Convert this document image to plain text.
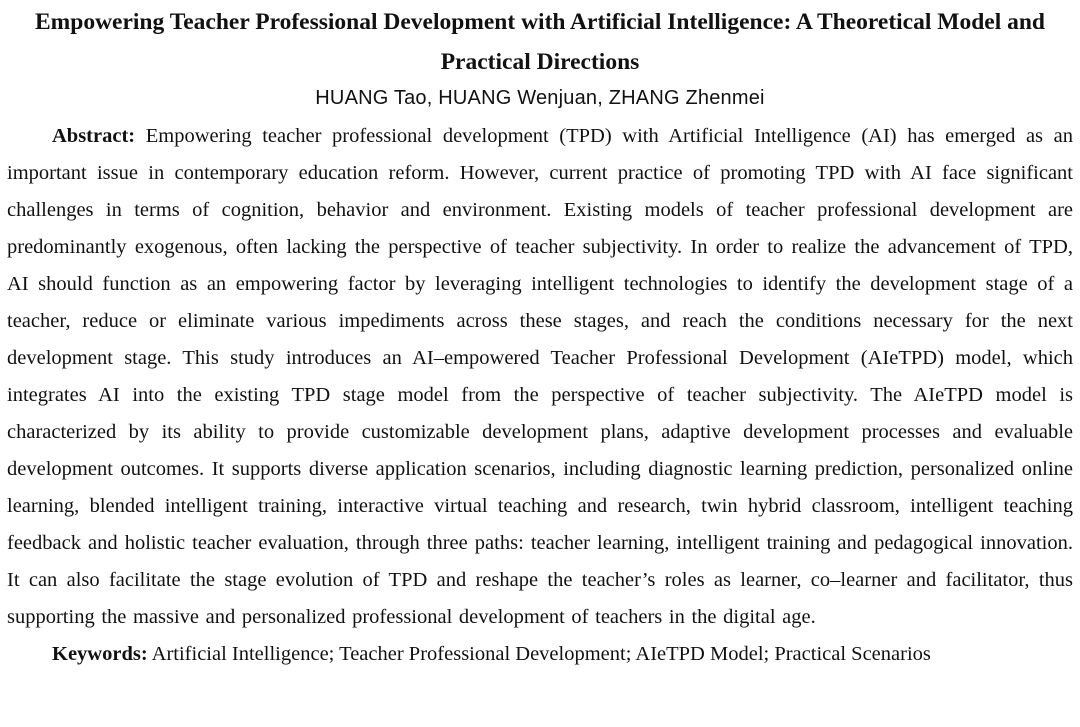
Empowering Teacher Professional Development with Artificial Intelligence: A Theoretical Model and Practical Directions
HUANG Tao, HUANG Wenjuan, ZHANG Zhenmei

Abstract: Empowering teacher professional development (TPD) with Artificial Intelligence (AI) has emerged as an important issue in contemporary education reform. However, current practice of promoting TPD with AI face significant challenges in terms of cognition, behavior and environment. Existing models of teacher professional development are predominantly exogenous, often lacking the perspective of teacher subjectivity. In order to realize the advancement of TPD, AI should function as an empowering factor by leveraging intelligent technologies to identify the development stage of a teacher, reduce or eliminate various impediments across these stages, and reach the conditions necessary for the next development stage. This study introduces an AI–empowered Teacher Professional Development (AIeTPD) model, which integrates AI into the existing TPD stage model from the perspective of teacher subjectivity. The AIeTPD model is characterized by its ability to provide customizable development plans, adaptive development processes and evaluable development outcomes. It supports diverse application scenarios, including diagnostic learning prediction, personalized online learning, blended intelligent training, interactive virtual teaching and research, twin hybrid classroom, intelligent teaching feedback and holistic teacher evaluation, through three paths: teacher learning, intelligent training and pedagogical innovation. It can also facilitate the stage evolution of TPD and reshape the teacher’s roles as learner, co–learner and facilitator, thus supporting the massive and personalized professional development of teachers in the digital age.

Keywords: Artificial Intelligence; Teacher Professional Development; AIeTPD Model; Practical Scenarios
